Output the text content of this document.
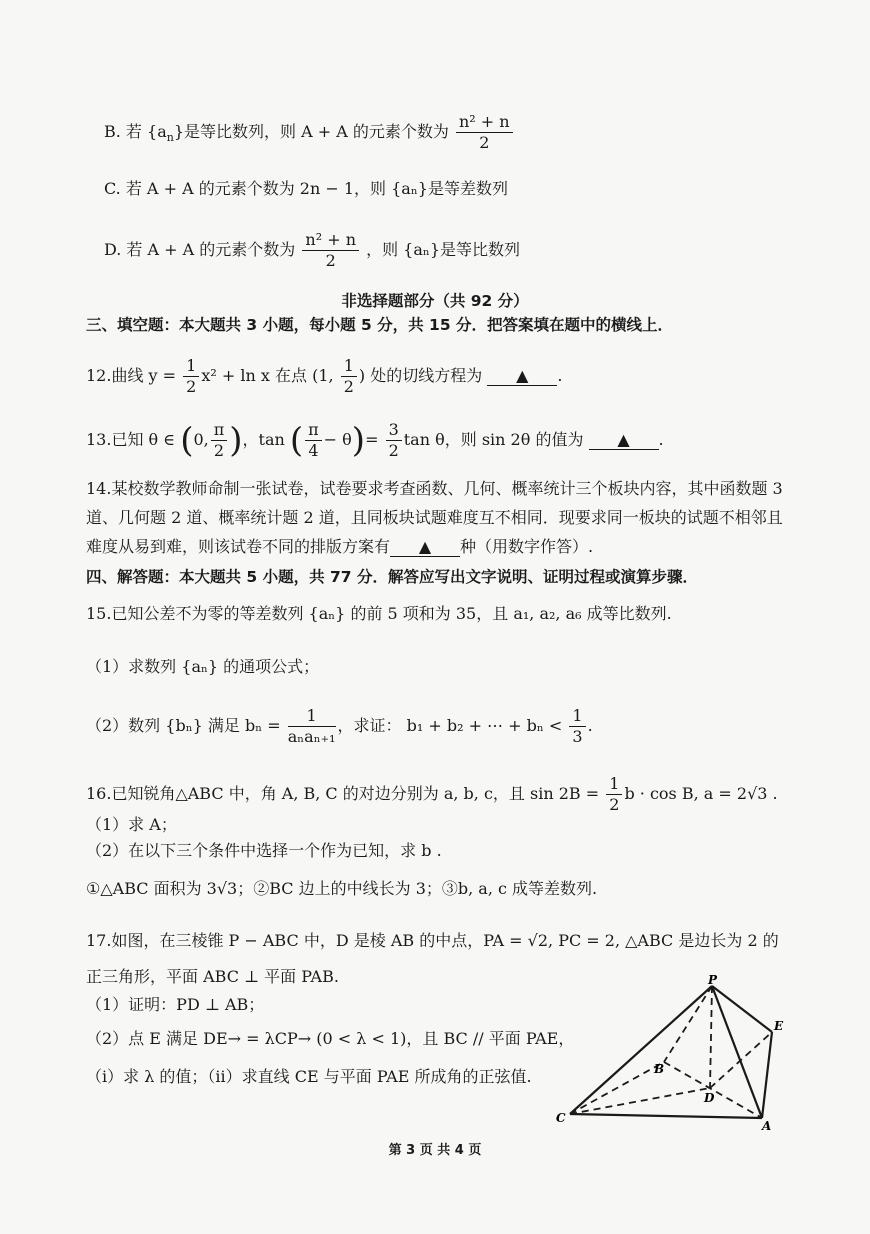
B. 若 $\{a_n\}$是等比数列，则 A + A 的元素个数为 $\frac{\text{n² + n}}{2}$
C. 若 A + A 的元素个数为 2n − 1，则 {aₙ}是等差数列
D. 若 A + A 的元素个数为 $\frac{\text{n² + n}}{2}$ ，则 {aₙ}是等比数列
非选择题部分（共 92 分）
三、填空题：本大题共 3 小题，每小题 5 分，共 15 分．把答案填在题中的横线上．
12.曲线 $y = \frac{1}{2} x^2 + \ln x$ 在点 (1, $\frac{1}{2}$ ) 处的切线方程为 ▲ .
13.已知 θ ∈ (0, $\frac{\pi}{2}$ )，tan ( $\frac{\pi}{4} - \theta)= \frac{3}{2}$ tan θ，则 sin 2θ 的值为 ▲ .
14.某校数学教师命制一张试卷，试卷要求考查函数、几何、概率统计三个板块内容，其中函数题 3 道、几何题 2 道、概率统计题 2 道，且同板块试题难度互不相同．现要求同一板块的试题不相邻且难度从易到难，则该试卷不同的排版方案有 ▲ 种（用数字作答）.
四、解答题：本大题共 5 小题，共 77 分．解答应写出文字说明、证明过程或演算步骤．
15.已知公差不为零的等差数列 {aₙ} 的前 5 项和为 35，且 a₁, a₂, a₆ 成等比数列.
（1）求数列 {aₙ} 的通项公式；
（2）数列 {bₙ} 满足 $b_n = \frac{1}{\text{aₙaₙ₊₁}}$ ，求证： b₁ + b₂ + ⋯ + $b_n < \frac{1}{3}$ .
16.已知锐角△ABC 中，角 A, B, C 的对边分别为 a, b, c，且 $\sin 2B = \frac{1}{2}$ b · cos B, a = 2√3 .
（1）求 A；
（2）在以下三个条件中选择一个作为已知，求 b .
①△ABC 面积为 3√3；②BC 边上的中线长为 3；③b, a, c 成等差数列.
17.如图，在三棱锥 P − ABC 中，D 是棱 AB 的中点，PA = √2, PC = 2, △ABC 是边长为 2 的
正三角形，平面 ABC ⊥ 平面 PAB.
（1）证明：PD ⊥ AB；
（2）点 E 满足 DE→ = λCP→ (0 < λ < 1)，且 BC // 平面 PAE，
（ⅰ）求 λ 的值；（ⅱ）求直线 CE 与平面 PAE 所成角的正弦值.
P
E
B
D
C
A
第 3 页 共 4 页
